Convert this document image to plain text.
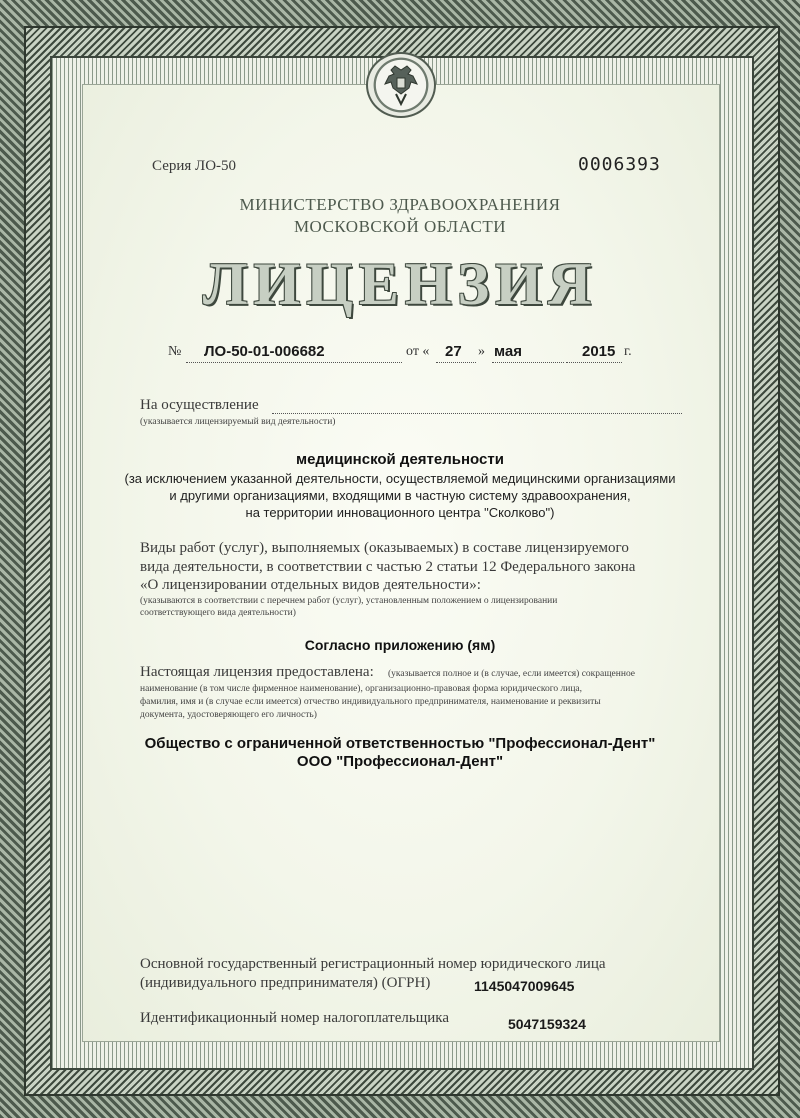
Серия ЛО-50	0006393
МИНИСТЕРСТВО ЗДРАВООХРАНЕНИЯ
МОСКОВСКОЙ ОБЛАСТИ
ЛИЦЕНЗИЯ
№ ЛО-50-01-006682	от « 27 » мая	2015 г.
На осуществление
(указывается лицензируемый вид деятельности)
медицинской деятельности
(за исключением указанной деятельности, осуществляемой медицинскими организациями
и другими организациями, входящими в частную систему здравоохранения,
на территории инновационного центра "Сколково")
Виды работ (услуг), выполняемых (оказываемых) в составе лицензируемого
вида деятельности, в соответствии с частью 2 статьи 12 Федерального закона
«О лицензировании отдельных видов деятельности»:
(указываются в соответствии с перечнем работ (услуг), установленным положением о лицензировании
соответствующего вида деятельности)
Согласно приложению (ям)
Настоящая лицензия предоставлена: (указывается полное и (в случае, если имеется) сокращенное
наименование (в том числе фирменное наименование), организационно-правовая форма юридического лица,
фамилия, имя и (в случае если имеется) отчество индивидуального предпринимателя, наименование и реквизиты
документа, удостоверяющего его личность)
Общество с ограниченной ответственностью "Профессионал-Дент"
ООО "Профессионал-Дент"
Основной государственный регистрационный номер юридического лица
(индивидуального предпринимателя) (ОГРН)	1145047009645
Идентификационный номер налогоплательщика	5047159324
